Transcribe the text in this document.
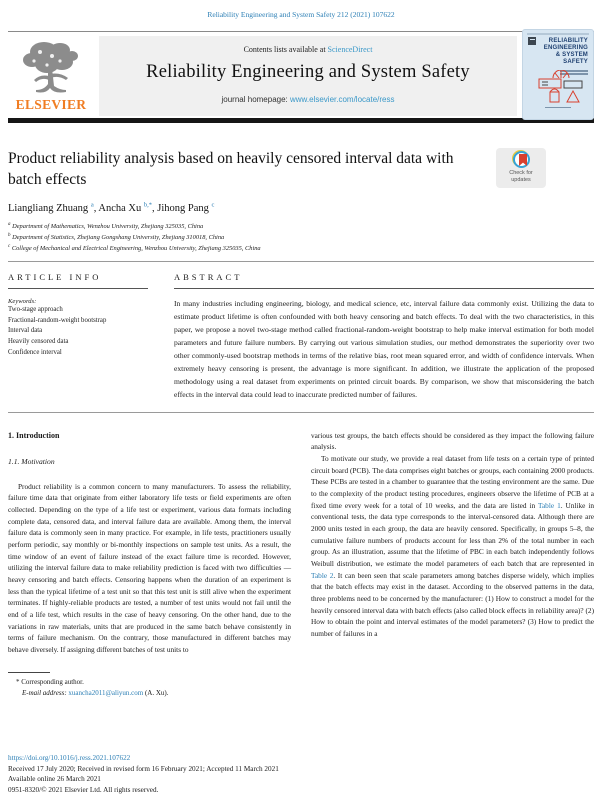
Reliability Engineering and System Safety 212 (2021) 107622
ELSEVIER
Contents lists available at ScienceDirect
Reliability Engineering and System Safety
journal homepage: www.elsevier.com/locate/ress
RELIABILITY
ENGINEERING
& SYSTEM
SAFETY
Product reliability analysis based on heavily censored interval data with batch effects	Check for
updates
Liangliang Zhuang $^a$, Ancha Xu $^{b,*}$, Jihong Pang $^c$
$^a$ Department of Mathematics, Wenzhou University, Zhejiang 325035, China
$^b$ Department of Statistics, Zhejiang Gongshang University, Zhejiang 310018, China
$^c$ College of Mechanical and Electrical Engineering, Wenzhou University, Zhejiang 325035, China
ARTICLE INFO
Keywords:
Two-stage approach
Fractional-random-weight bootstrap
Interval data
Heavily censored data
Confidence interval
ABSTRACT
In many industries including engineering, biology, and medical science, etc, interval failure data commonly exist. Utilizing the data to estimate product lifetime is often confounded with both heavy censoring and batch effects. To deal with the two characteristics, in this paper, we propose a novel two-stage method called fractional-random-weight bootstrap to help make interval estimation for both model parameters and future failure numbers. By carrying out various simulation studies, our method demonstrates the superiority over two other commonly-used bootstrap methods in terms of the relative bias, root mean squared error, and width of confidence intervals. When extremely heavy censoring is present, the advantage is more significant. In addition, we illustrate the application of the proposed methodology using a real dataset from experiments on printed circuit boards. By comparison, we show that misconsidering the batch effects in the interval data could lead to inaccurate predicted number of failures.
1. Introduction
1.1. Motivation

Product reliability is a common concern to many manufacturers. To assess the reliability, failure time data that originate from either laboratory life tests or field experiments are often collected. Depending on the type of a life test or experiment, various data formats including complete data, censored data, and interval failure data are available. Among them, the interval failure data is commonly seen in many practice. For example, in life tests, practitioners usually perform periodic, say monthly or bi-monthly inspections on sample test units. As a result, the time window of an event of failure instead of the exact failure time is recorded. However, utilizing the interval failure data to make reliability prediction is faced with two difficulties — heavy censoring and batch effects. Censoring happens when the duration of an experiment is less than the typical lifetime of a test unit so that this test unit is still alive when the experiment terminates. If highly-reliable products are tested, a number of test units would not fail until the end of a life test, which results in the case of heavy censoring. On the other hand, due to the variations in raw materials, units that are produced in the same batch behave consistently in terms of failure mechanism. On the contrary, those manufactured in different batches may behave diversely. If assigning different batches of test units to

* Corresponding author.
E-mail address: xuancha2011@aliyun.com (A. Xu).

various test groups, the batch effects should be considered as they impact the following failure analysis.

To motivate our study, we provide a real dataset from life tests on a certain type of printed circuit board (PCB). The data comprises eight batches or groups, each containing 2000 products. These PCBs are tested in a chamber to guarantee that the testing environment are the same. Due to the complexity of the product testing procedures, engineers observe the lifetime of PCB at a fixed time every week for a total of 10 weeks, and the data are listed in Table 1. Unlike in conventional tests, the data type corresponds to the interval-censored data. Although there are 2000 units tested in each group, the data are heavily censored. Specifically, in groups 5–8, the cumulative failure numbers of products account for less than 2% of the total number in each group. As an illustration, assume that the lifetime of PBC in each batch independently follows Weibull distribution, we estimate the model parameters of each batch that are represented in Table 2. It can been seen that scale parameters among batches disperse widely, which implies that the batch effects may exist in the dataset. According to the observed patterns in the data, three problems need to be concerned by the manufacturer: (1) How to construct a model for the heavily censored interval data with batch effects (also called block effects in reliability area)? (2) How to obtain the point and interval estimates of the model parameters? (3) How to predict the number of failures in a

https://doi.org/10.1016/j.ress.2021.107622
Received 17 July 2020; Received in revised form 16 February 2021; Accepted 11 March 2021
Available online 26 March 2021
0951-8320/© 2021 Elsevier Ltd. All rights reserved.
